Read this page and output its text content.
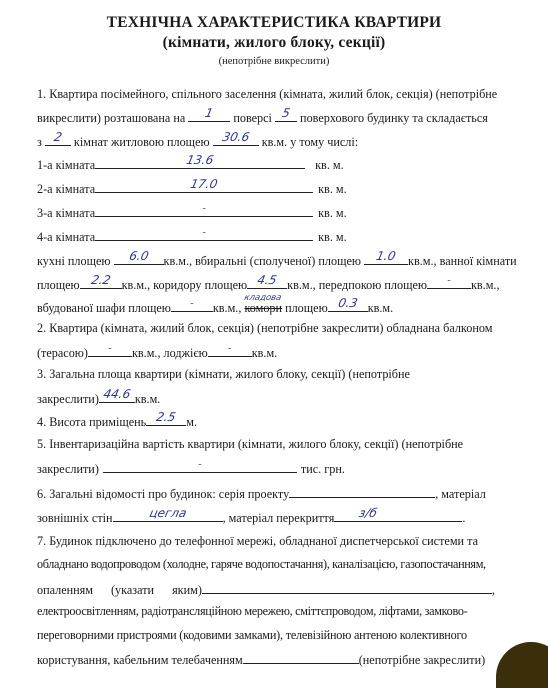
ТЕХНІЧНА ХАРАКТЕРИСТИКА КВАРТИРИ
(кімнати, жилого блоку, секції)
(непотрібне викреслити)
1. Квартира посімейного, спільного заселення (кімната, жилий блок, секція) (непотрібне
викреслити) розташована на	1	поверсі 5 поверхового будинку та складається
з 2 кімнат житловою площею 30.6 кв.м. у тому числі:
1-а кімната	13.6	кв. м.
2-а кімната	17.0	кв. м.
3-а кімната	-	кв. м.
4-а кімната	-	кв. м.
кухні площею	6.0	кв.м., вбиральні (сполученої) площею	1.0 кв.м., ванної кімнати
площею 2.2 кв.м., коридору площею 4.5 кв.м., передпокою площею	-	кв.м.,
вбудованої шафи площею	-	кв.м.,
кладова
комори площею 0.3 кв.м.
2. Квартира (кімната, жилий блок, секція) (непотрібне закреслити) обладнана балконом
(терасою)	-	кв.м., лоджією	-	кв.м.
3. Загальна площа квартири (кімнати, жилого блоку, секції) (непотрібне
закреслити) 44.6 кв.м.
4. Висота приміщень 2.5 м.
5. Інвентаризаційна вартість квартири (кімнати, жилого блоку, секції) (непотрібне
закреслити)	-	тис. грн.
6. Загальні відомості про будинок: серія проекту	, матеріал
зовнішніх стін	цегла	, матеріал перекриття	з/б	.
7. Будинок підключено до телефонної мережі, обладнаної диспетчерської системи та
обладнано водопроводом (холодне, гаряче водопостачання), каналізацією, газопостачанням,
опаленням (указати яким)	,
електроосвітленням, радіотрансляційною мережею, сміттєпроводом, ліфтами, замково-
переговорними пристроями (кодовими замками), телевізійною антеною колективного
користування, кабельним телебаченням	(непотрібне закреслити)
